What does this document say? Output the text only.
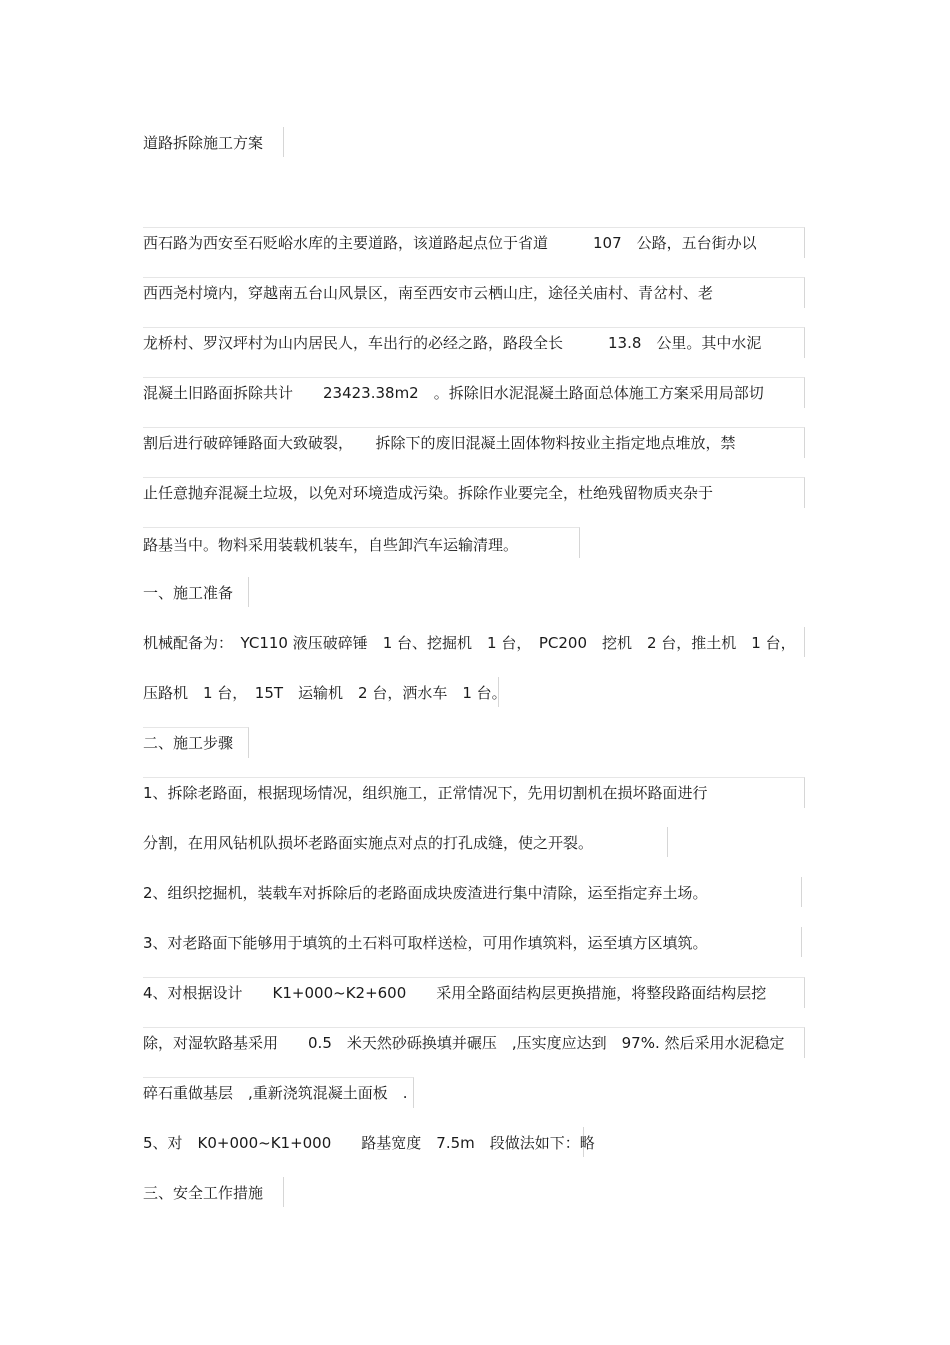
道路拆除施工方案
西石路为西安至石贬峪水库的主要道路，该道路起点位于省道　　　107　公路，五台街办以
西西尧村境内，穿越南五台山风景区，南至西安市云栖山庄，途径关庙村、青岔村、老
龙桥村、罗汉坪村为山内居民人，车出行的必经之路，路段全长　　　13.8　公里。其中水泥
混凝土旧路面拆除共计　　23423.38m2　。拆除旧水泥混凝土路面总体施工方案采用局部切
割后进行破碎锤路面大致破裂，　　拆除下的废旧混凝土固体物料按业主指定地点堆放，禁
止任意抛弃混凝土垃圾，以免对环境造成污染。拆除作业要完全，杜绝残留物质夹杂于
路基当中。物料采用装载机装车，自些卸汽车运输清理。
一、施工准备
机械配备为：　YC110 液压破碎锤　1 台、挖掘机　1 台，　PC200　挖机　2 台，推土机　1 台，
压路机　1 台，　15T　运输机　2 台，洒水车　1 台。
二、施工步骤
1、拆除老路面，根据现场情况，组织施工，正常情况下，先用切割机在损坏路面进行
分割，在用风钻机队损坏老路面实施点对点的打孔成缝，使之开裂。
2、组织挖掘机，装载车对拆除后的老路面成块废渣进行集中清除，运至指定弃土场。
3、对老路面下能够用于填筑的土石料可取样送检，可用作填筑料，运至填方区填筑。
4、对根据设计　　K1+000~K2+600　　采用全路面结构层更换措施，将整段路面结构层挖
除，对湿软路基采用　　0.5　米天然砂砾换填并碾压　,压实度应达到　97%. 然后采用水泥稳定
碎石重做基层　,重新浇筑混凝土面板　.
5、对　K0+000~K1+000　　路基宽度　7.5m　段做法如下：略
三、安全工作措施
